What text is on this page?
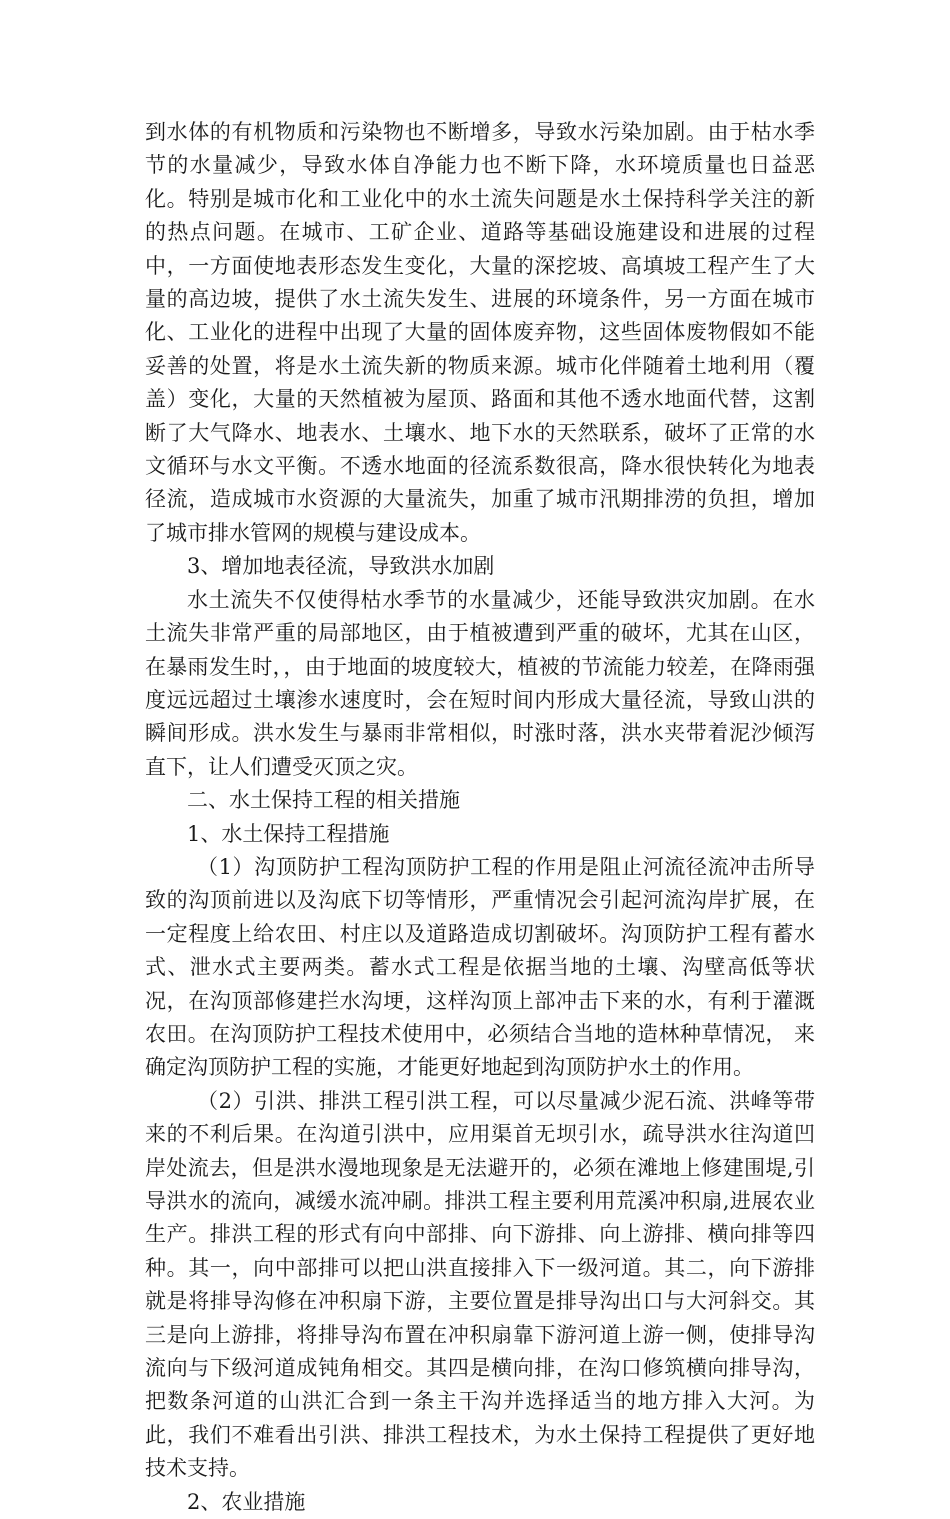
到水体的有机物质和污染物也不断增多，导致水污染加剧。由于枯水季节的水量减少，导致水体自净能力也不断下降，水环境质量也日益恶化。特别是城市化和工业化中的水土流失问题是水土保持科学关注的新的热点问题。在城市、工矿企业、道路等基础设施建设和进展的过程中，一方面使地表形态发生变化，大量的深挖坡、高填坡工程产生了大量的高边坡，提供了水土流失发生、进展的环境条件，另一方面在城市化、工业化的进程中出现了大量的固体废弃物，这些固体废物假如不能妥善的处置，将是水土流失新的物质来源。城市化伴随着土地利用（覆盖）变化，大量的天然植被为屋顶、路面和其他不透水地面代替，这割断了大气降水、地表水、土壤水、地下水的天然联系，破坏了正常的水文循环与水文平衡。不透水地面的径流系数很高，降水很快转化为地表径流，造成城市水资源的大量流失，加重了城市汛期排涝的负担，增加了城市排水管网的规模与建设成本。

3、增加地表径流，导致洪水加剧

水土流失不仅使得枯水季节的水量减少，还能导致洪灾加剧。在水土流失非常严重的局部地区，由于植被遭到严重的破坏，尤其在山区，在暴雨发生时，，由于地面的坡度较大，植被的节流能力较差，在降雨强度远远超过土壤渗水速度时，会在短时间内形成大量径流，导致山洪的瞬间形成。洪水发生与暴雨非常相似，时涨时落，洪水夹带着泥沙倾泻直下，让人们遭受灭顶之灾。

二、水土保持工程的相关措施

1、水土保持工程措施

（1）沟顶防护工程沟顶防护工程的作用是阻止河流径流冲击所导致的沟顶前进以及沟底下切等情形，严重情况会引起河流沟岸扩展，在一定程度上给农田、村庄以及道路造成切割破坏。沟顶防护工程有蓄水式、泄水式主要两类。蓄水式工程是依据当地的土壤、沟壁高低等状况，在沟顶部修建拦水沟埂，这样沟顶上部冲击下来的水，有利于灌溉农田。在沟顶防护工程技术使用中，必须结合当地的造林种草情况， 来确定沟顶防护工程的实施，才能更好地起到沟顶防护水土的作用。

（2）引洪、排洪工程引洪工程，可以尽量减少泥石流、洪峰等带来的不利后果。在沟道引洪中，应用渠首无坝引水，疏导洪水往沟道凹岸处流去，但是洪水漫地现象是无法避开的，必须在滩地上修建围堤,引导洪水的流向，减缓水流冲刷。排洪工程主要利用荒溪冲积扇,进展农业生产。排洪工程的形式有向中部排、向下游排、向上游排、横向排等四种。其一，向中部排可以把山洪直接排入下一级河道。其二，向下游排就是将排导沟修在冲积扇下游，主要位置是排导沟出口与大河斜交。其三是向上游排，将排导沟布置在冲积扇靠下游河道上游一侧，使排导沟流向与下级河道成钝角相交。其四是横向排，在沟口修筑横向排导沟，把数条河道的山洪汇合到一条主干沟并选择适当的地方排入大河。为此，我们不难看出引洪、排洪工程技术，为水土保持工程提供了更好地技术支持。

2、农业措施
